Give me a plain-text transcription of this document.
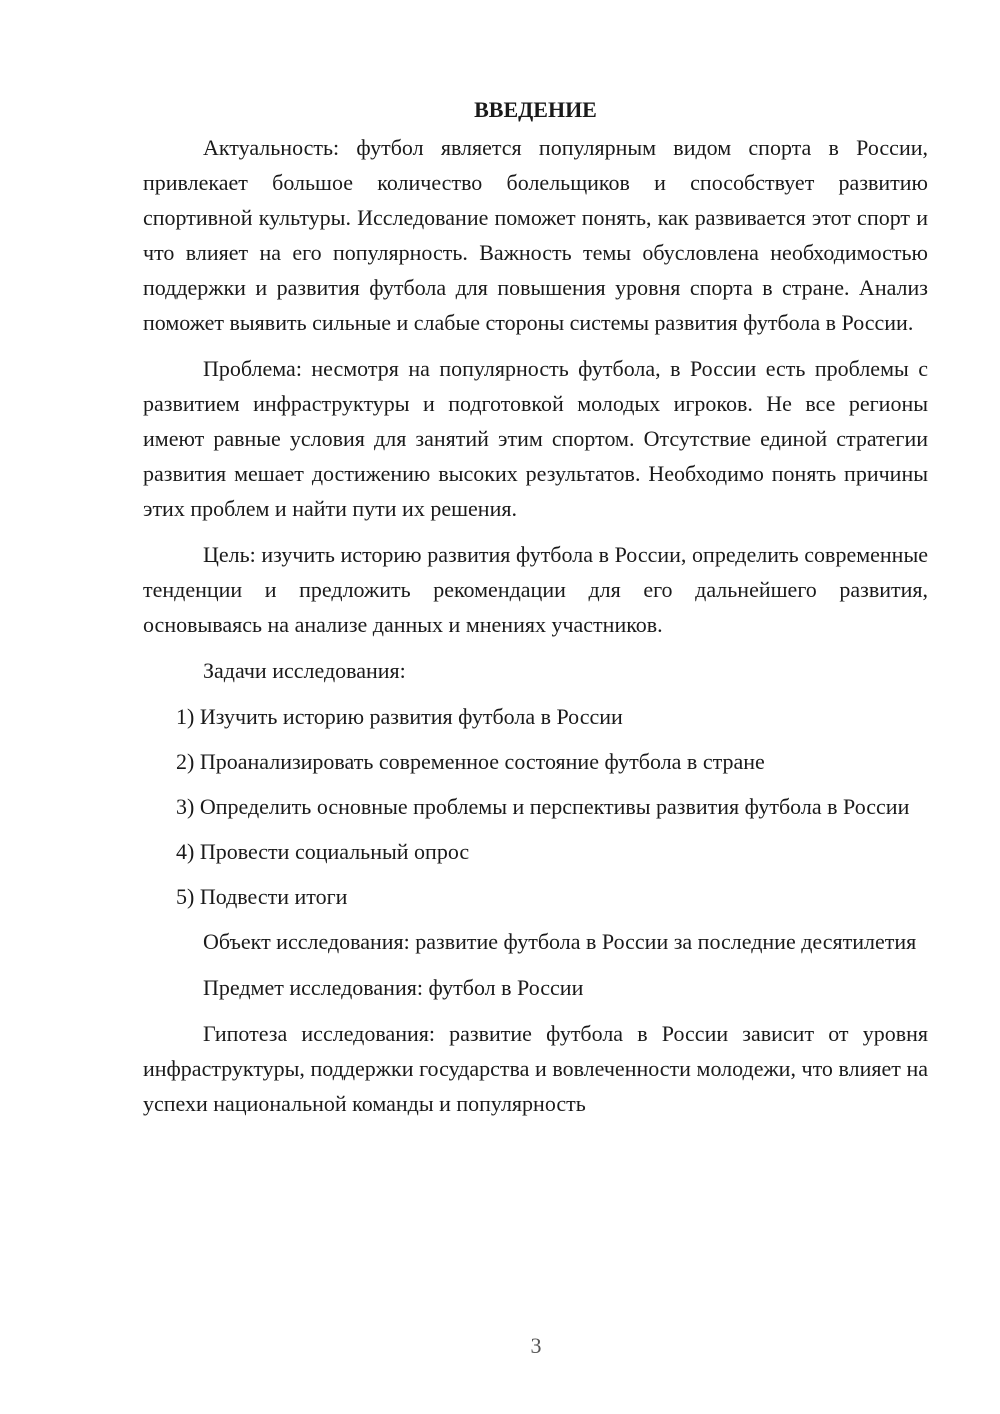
ВВЕДЕНИЕ
Актуальность: футбол является популярным видом спорта в России, привлекает большое количество болельщиков и способствует развитию спортивной культуры. Исследование поможет понять, как развивается этот спорт и что влияет на его популярность. Важность темы обусловлена необходимостью поддержки и развития футбола для повышения уровня спорта в стране. Анализ поможет выявить сильные и слабые стороны системы развития футбола в России.
Проблема: несмотря на популярность футбола, в России есть проблемы с развитием инфраструктуры и подготовкой молодых игроков. Не все регионы имеют равные условия для занятий этим спортом. Отсутствие единой стратегии развития мешает достижению высоких результатов. Необходимо понять причины этих проблем и найти пути их решения.
Цель: изучить историю развития футбола в России, определить современные тенденции и предложить рекомендации для его дальнейшего развития, основываясь на анализе данных и мнениях участников.
Задачи исследования:
1) Изучить историю развития футбола в России
2) Проанализировать современное состояние футбола в стране
3) Определить основные проблемы и перспективы развития футбола в России
4) Провести социальный опрос
5) Подвести итоги
Объект исследования: развитие футбола в России за последние десятилетия
Предмет исследования: футбол в России
Гипотеза исследования: развитие футбола в России зависит от уровня инфраструктуры, поддержки государства и вовлеченности молодежи, что влияет на успехи национальной команды и популярность
3
